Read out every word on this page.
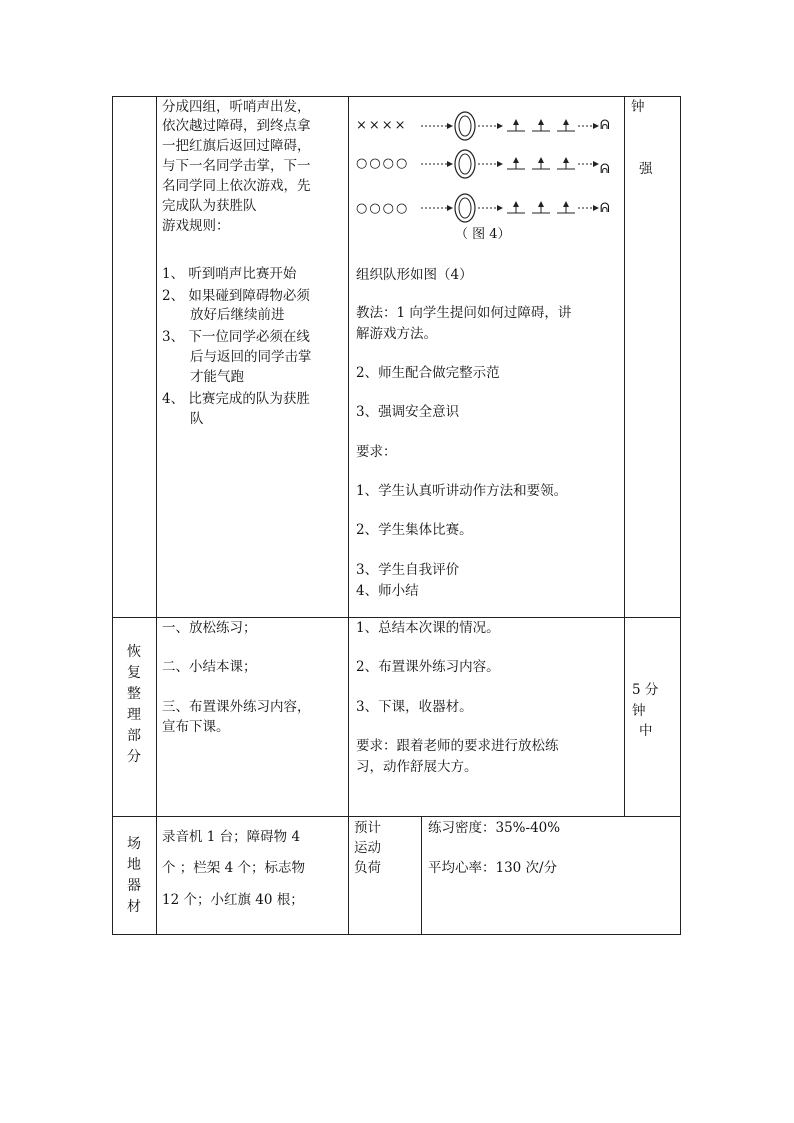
分成四组，听哨声出发，
依次越过障碍，到终点拿
一把红旗后返回过障碍，
与下一名同学击掌，下一
名同学同上依次游戏，先
完成队为获胜队
游戏规则：
1、 听到哨声比赛开始
2、 如果碰到障碍物必须
放好后继续前进
3、 下一位同学必须在线
后与返回的同学击掌
才能气跑
4、 比赛完成的队为获胜
队
××××
○○○○
○○○○
ᕱ
ᕱ
ᕱ
（ 图 4）
组织队形如图（4）
教法：1 向学生提问如何过障碍，讲
解游戏方法。
2、师生配合做完整示范
3、强调安全意识
要求：
1、学生认真听讲动作方法和要领。
2、学生集体比赛。
3、学生自我评价
4、师小结
钟
强
恢复整理部分
一、放松练习；
二、小结本课；
三、布置课外练习内容，
宣布下课。
1、总结本次课的情况。
2、布置课外练习内容。
3、下课，收器材。
要求：跟着老师的要求进行放松练
习，动作舒展大方。
5 分
钟
中
场地器材
录音机 1 台；障碍物 4
个 ；栏架 4 个；标志物
12 个；小红旗 40 根；
预计
运动
负荷
练习密度：35%-40%
平均心率：130 次/分
